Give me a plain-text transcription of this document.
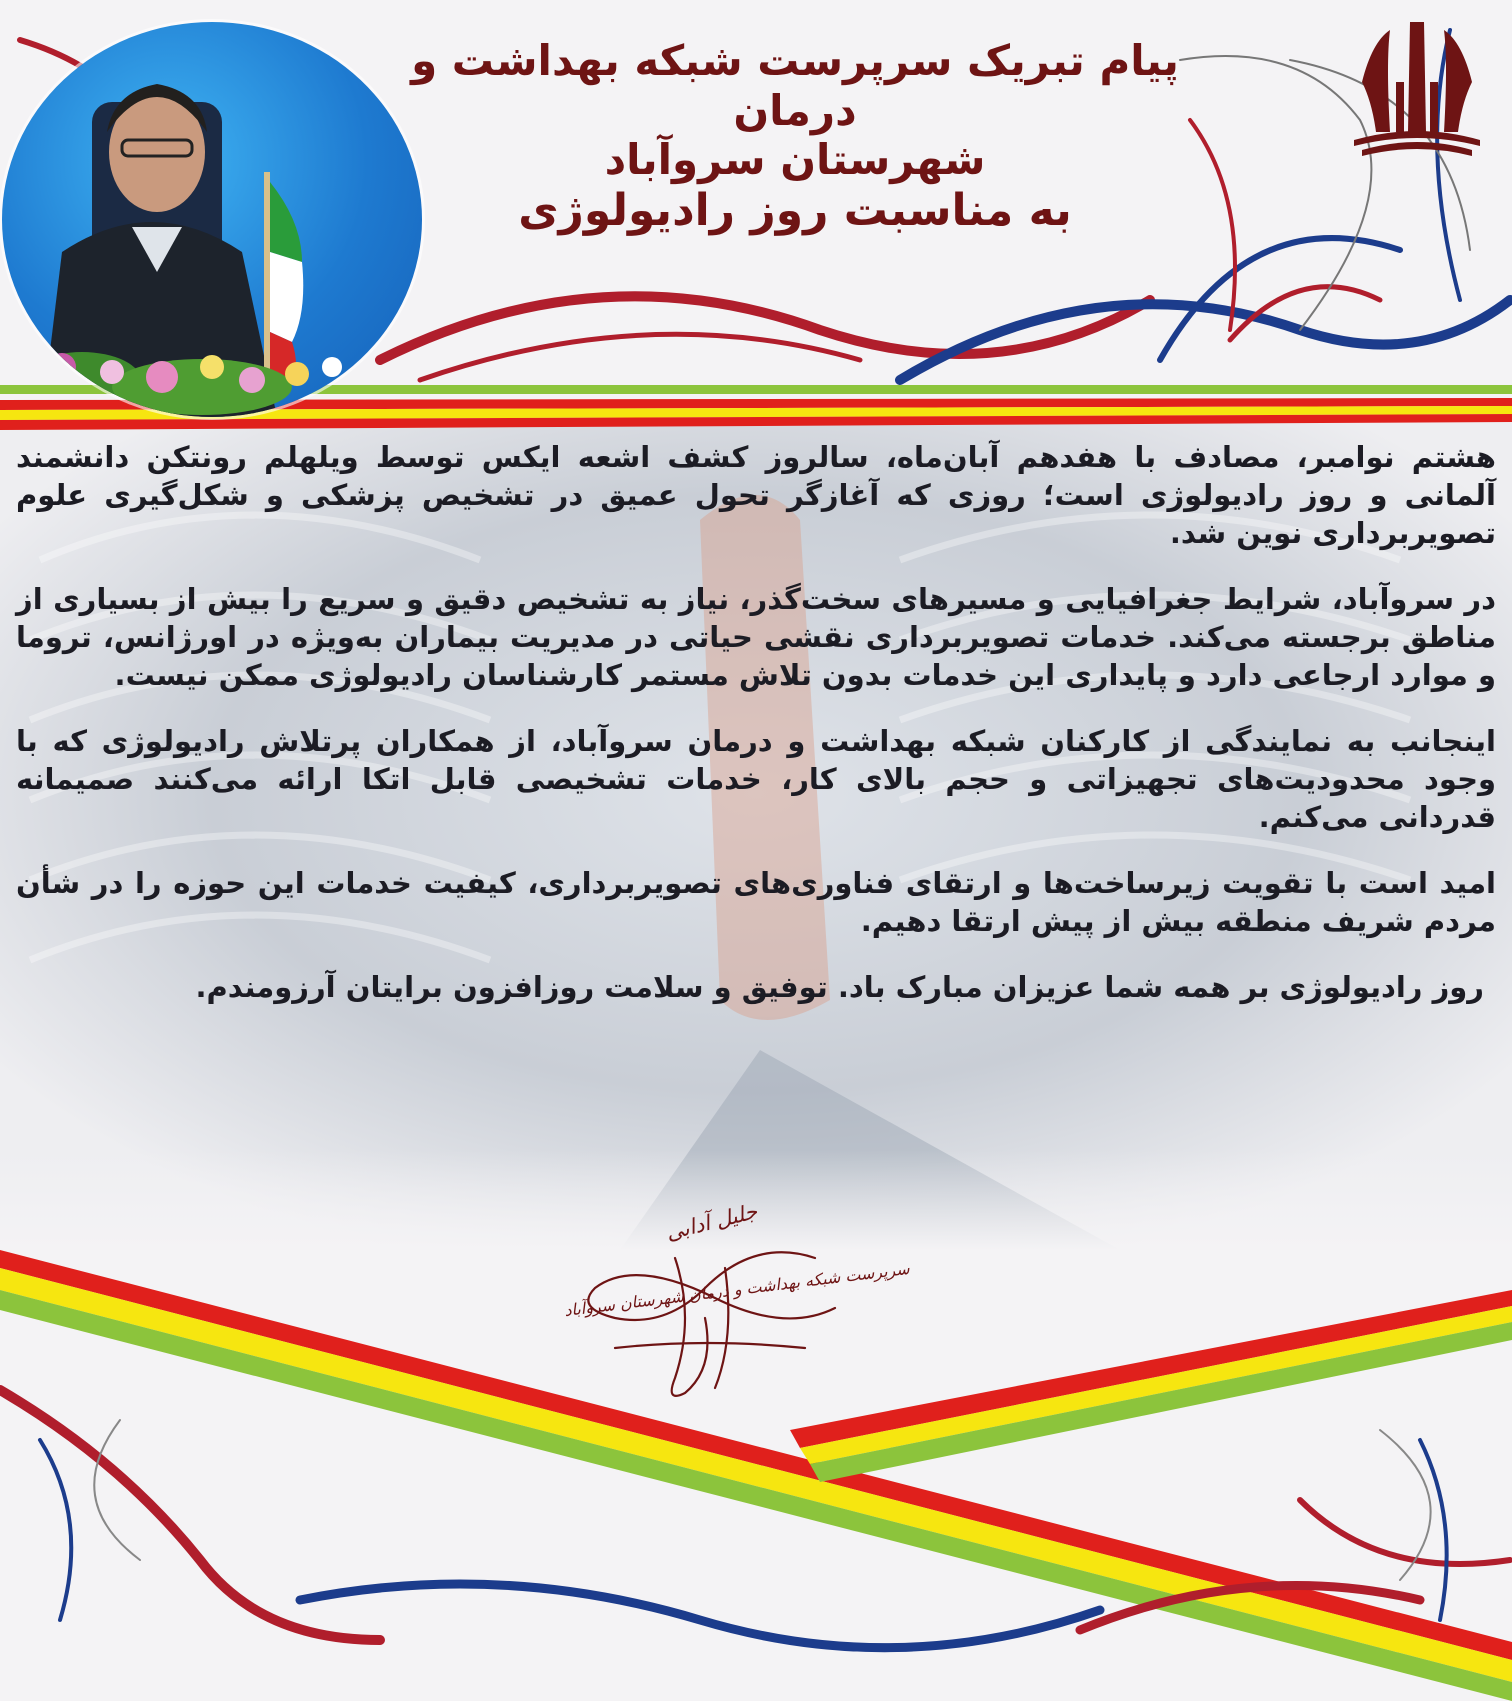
پیام تبریک سرپرست شبکه بهداشت و درمان
شهرستان سروآباد
به مناسبت روز رادیولوژی

هشتم نوامبر، مصادف با هفدهم آبان‌ماه، سالروز کشف اشعه ایکس توسط ویلهلم رونتکن دانشمند آلمانی و روز رادیولوژی است؛ روزی که آغازگر تحول عمیق در تشخیص پزشکی و شکل‌گیری علوم تصویربرداری نوین شد.

در سروآباد، شرایط جغرافیایی و مسیرهای سخت‌گذر، نیاز به تشخیص دقیق و سریع را بیش از بسیاری از مناطق برجسته می‌کند. خدمات تصویربرداری نقشی حیاتی در مدیریت بیماران به‌ویژه در اورژانس، تروما و موارد ارجاعی دارد و پایداری این خدمات بدون تلاش مستمر کارشناسان رادیولوژی ممکن نیست.

اینجانب به نمایندگی از کارکنان شبکه بهداشت و درمان سروآباد، از همکاران پرتلاش رادیولوژی که با وجود محدودیت‌های تجهیزاتی و حجم بالای کار، خدمات تشخیصی قابل اتکا ارائه می‌کنند صمیمانه قدردانی می‌کنم.

امید است با تقویت زیرساخت‌ها و ارتقای فناوری‌های تصویربرداری، کیفیت خدمات این حوزه را در شأن مردم شریف منطقه بیش از پیش ارتقا دهیم.

روز رادیولوژی بر همه شما عزیزان مبارک باد. توفیق و سلامت روزافزون برایتان آرزومندم.

جلیل آدابی
سرپرست شبکه بهداشت و درمان شهرستان سروآباد
